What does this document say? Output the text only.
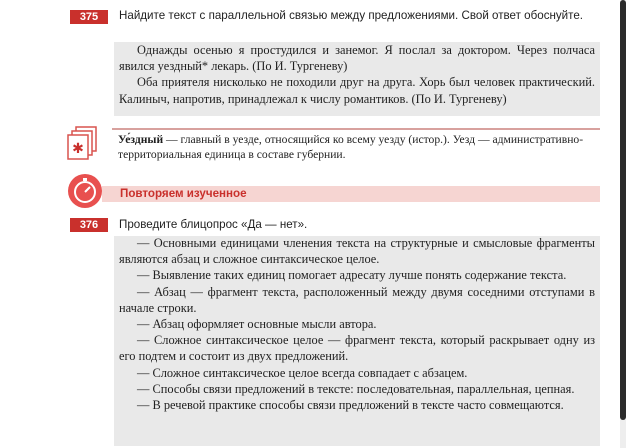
375	Найдите текст с параллельной связью между предложениями. Свой ответ обоснуйте.

Однажды осенью я простудился и занемог. Я послал за доктором. Через полчаса явился уездный* лекарь. (По И. Тургеневу)

Оба приятеля нисколько не походили друг на друга. Хорь был человек практический. Калиныч, напротив, принадлежал к числу романтиков. (По И. Тургеневу)

✱
Уе́здный — главный в уезде, относящийся ко всему уезду (истор.). Уезд — административно-территориальная единица в составе губернии.
Повторяем изученное
376	Проведите блицопрос «Да — нет».

— Основными единицами членения текста на структурные и смысловые фрагменты являются абзац и сложное синтаксическое целое.

— Выявление таких единиц помогает адресату лучше понять содержание текста.

— Абзац — фрагмент текста, расположенный между двумя соседними отступами в начале строки.

— Абзац оформляет основные мысли автора.

— Сложное синтаксическое целое — фрагмент текста, который раскрывает одну из его подтем и состоит из двух предложений.

— Сложное синтаксическое целое всегда совпадает с абзацем.

— Способы связи предложений в тексте: последовательная, параллельная, цепная.

— В речевой практике способы связи предложений в тексте часто совмещаются.
